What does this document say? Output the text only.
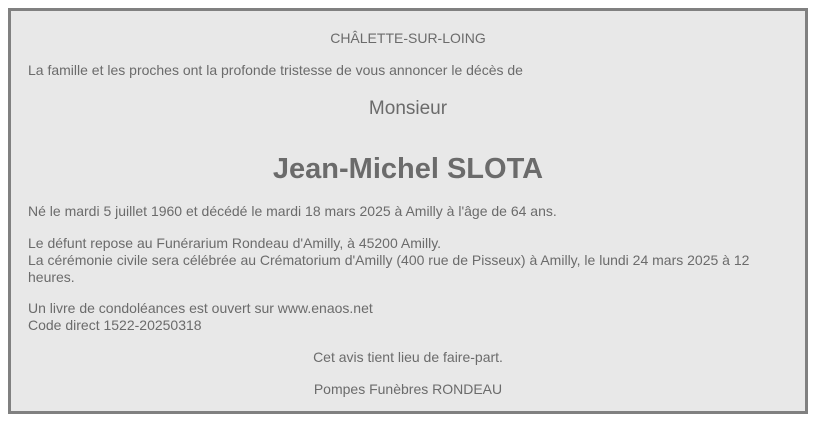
CHÂLETTE-SUR-LOING
La famille et les proches ont la profonde tristesse de vous annoncer le décès de
Monsieur
Jean-Michel SLOTA
Né le mardi 5 juillet 1960 et décédé le mardi 18 mars 2025 à Amilly à l'âge de 64 ans.
Le défunt repose au Funérarium Rondeau d'Amilly, à 45200 Amilly.
La cérémonie civile sera célébrée au Crématorium d'Amilly (400 rue de Pisseux) à Amilly, le lundi 24 mars 2025 à 12 heures.
Un livre de condoléances est ouvert sur www.enaos.net
Code direct 1522-20250318
Cet avis tient lieu de faire-part.
Pompes Funèbres RONDEAU
